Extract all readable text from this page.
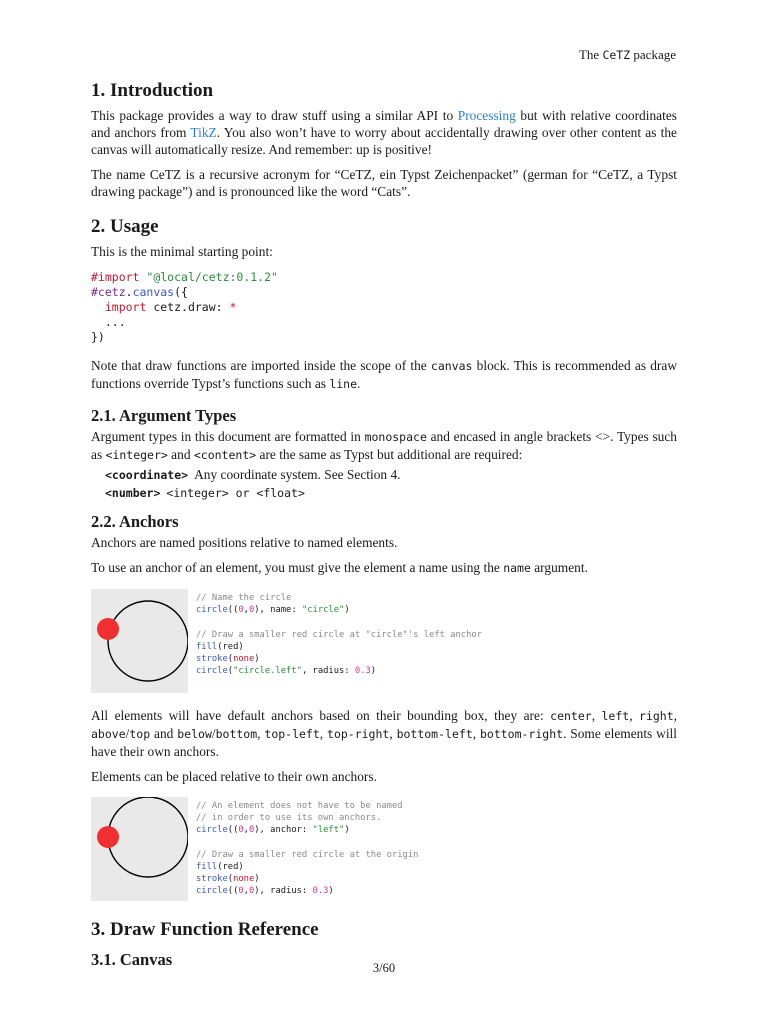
The CeTZ package
1. Introduction

This package provides a way to draw stuff using a similar API to Processing but with relative coordinates and anchors from TikZ. You also won’t have to worry about accidentally drawing over other content as the canvas will automatically resize. And remember: up is positive!

The name CeTZ is a recursive acronym for “CeTZ, ein Typst Zeichenpacket” (german for “CeTZ, a Typst drawing package”) and is pronounced like the word “Cats”.

2. Usage

This is the minimal starting point:

#import "@local/cetz:0.1.2"
#cetz.canvas({
import cetz.draw: *
...
})

Note that draw functions are imported inside the scope of the canvas block. This is recommended as draw functions override Typst’s functions such as line.

2.1. Argument Types

Argument types in this document are formatted in monospace and encased in angle brackets <>. Types such as <integer> and <content> are the same as Typst but additional are required:

<coordinate> Any coordinate system. See Section 4.
<number> <integer> or <float>
2.2. Anchors

Anchors are named positions relative to named elements.

To use an anchor of an element, you must give the element a name using the name argument.

// Name the circle
circle((0,0), name: "circle")

// Draw a smaller red circle at "circle"'s left anchor
fill(red)
stroke(none)
circle("circle.left", radius: 0.3)

All elements will have default anchors based on their bounding box, they are: center, left, right, above/top and below/bottom, top-left, top-right, bottom-left, bottom-right. Some elements will have their own anchors.

Elements can be placed relative to their own anchors.

// An element does not have to be named
// in order to use its own anchors.
circle((0,0), anchor: "left")

// Draw a smaller red circle at the origin
fill(red)
stroke(none)
circle((0,0), radius: 0.3)
3. Draw Function Reference
3.1. Canvas	3/60
